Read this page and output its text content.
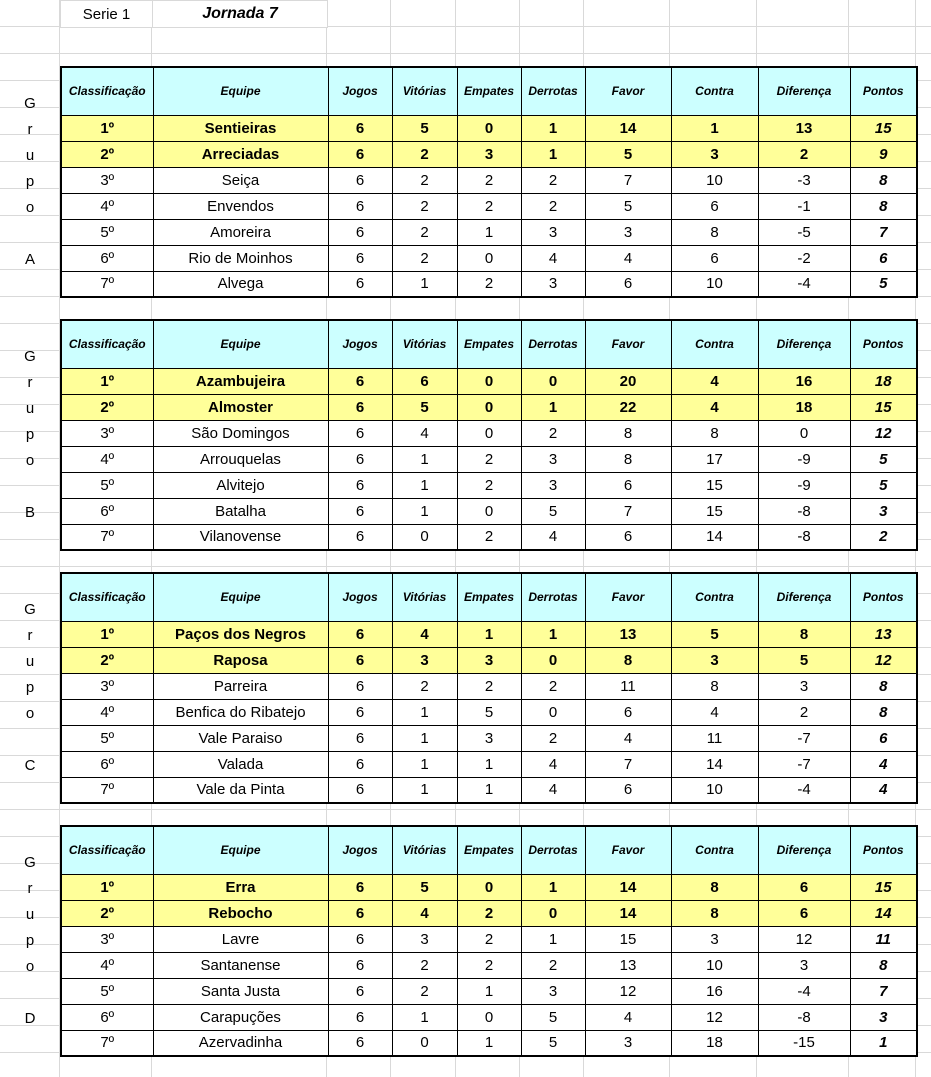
Serie 1	Jornada 7
G
r
u
p
o

A
Classificação	Equipe	Jogos	Vitórias	Empates	Derrotas	Favor	Contra	Diferença	Pontos
1º	Sentieiras	6	5	0	1	14	1	13	15
2º	Arreciadas	6	2	3	1	5	3	2	9
3º	Seiça	6	2	2	2	7	10	-3	8
4º	Envendos	6	2	2	2	5	6	-1	8
5º	Amoreira	6	2	1	3	3	8	-5	7
6º	Rio de Moinhos	6	2	0	4	4	6	-2	6
7º	Alvega	6	1	2	3	6	10	-4	5
G
r
u
p
o

B
Classificação	Equipe	Jogos	Vitórias	Empates	Derrotas	Favor	Contra	Diferença	Pontos
1º	Azambujeira	6	6	0	0	20	4	16	18
2º	Almoster	6	5	0	1	22	4	18	15
3º	São Domingos	6	4	0	2	8	8	0	12
4º	Arrouquelas	6	1	2	3	8	17	-9	5
5º	Alvitejo	6	1	2	3	6	15	-9	5
6º	Batalha	6	1	0	5	7	15	-8	3
7º	Vilanovense	6	0	2	4	6	14	-8	2
G
r
u
p
o

C
Classificação	Equipe	Jogos	Vitórias	Empates	Derrotas	Favor	Contra	Diferença	Pontos
1º	Paços dos Negros	6	4	1	1	13	5	8	13
2º	Raposa	6	3	3	0	8	3	5	12
3º	Parreira	6	2	2	2	11	8	3	8
4º	Benfica do Ribatejo	6	1	5	0	6	4	2	8
5º	Vale Paraiso	6	1	3	2	4	11	-7	6
6º	Valada	6	1	1	4	7	14	-7	4
7º	Vale da Pinta	6	1	1	4	6	10	-4	4
G
r
u
p
o

D
Classificação	Equipe	Jogos	Vitórias	Empates	Derrotas	Favor	Contra	Diferença	Pontos
1º	Erra	6	5	0	1	14	8	6	15
2º	Rebocho	6	4	2	0	14	8	6	14
3º	Lavre	6	3	2	1	15	3	12	11
4º	Santanense	6	2	2	2	13	10	3	8
5º	Santa Justa	6	2	1	3	12	16	-4	7
6º	Carapuções	6	1	0	5	4	12	-8	3
7º	Azervadinha	6	0	1	5	3	18	-15	1
